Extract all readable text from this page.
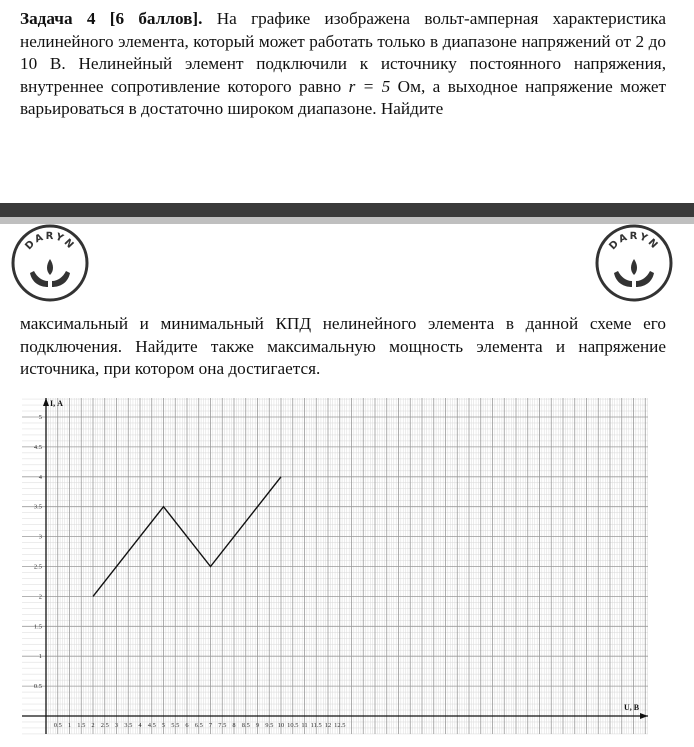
Задача 4 [6 баллов]. На графике изображена вольт-амперная характеристика нелинейного элемента, который может работать только в диапазоне напряжений от 2 до 10 В. Нелинейный элемент подключили к источнику постоянного напряжения, внутреннее сопротивление которого равно r = 5 Ом, а выходное напряжение может варьироваться в достаточно широком диапазоне. Найдите

DARYN	DARYN

максимальный и минимальный КПД нелинейного элемента в данной схеме его подключения. Найдите также максимальную мощность элемента и напряжение источника, при котором она достигается.

0.5 1 1.5 2 2.5 3 3.5 4 4.5 5 5.5 6 6.5 7 7.5 8 8.5 9 9.5 10 10.5 11 11.5 12 12.5
0.5
1
1.5
2
2.5
3
3.5
4
4.5
5
U, В
I, А
